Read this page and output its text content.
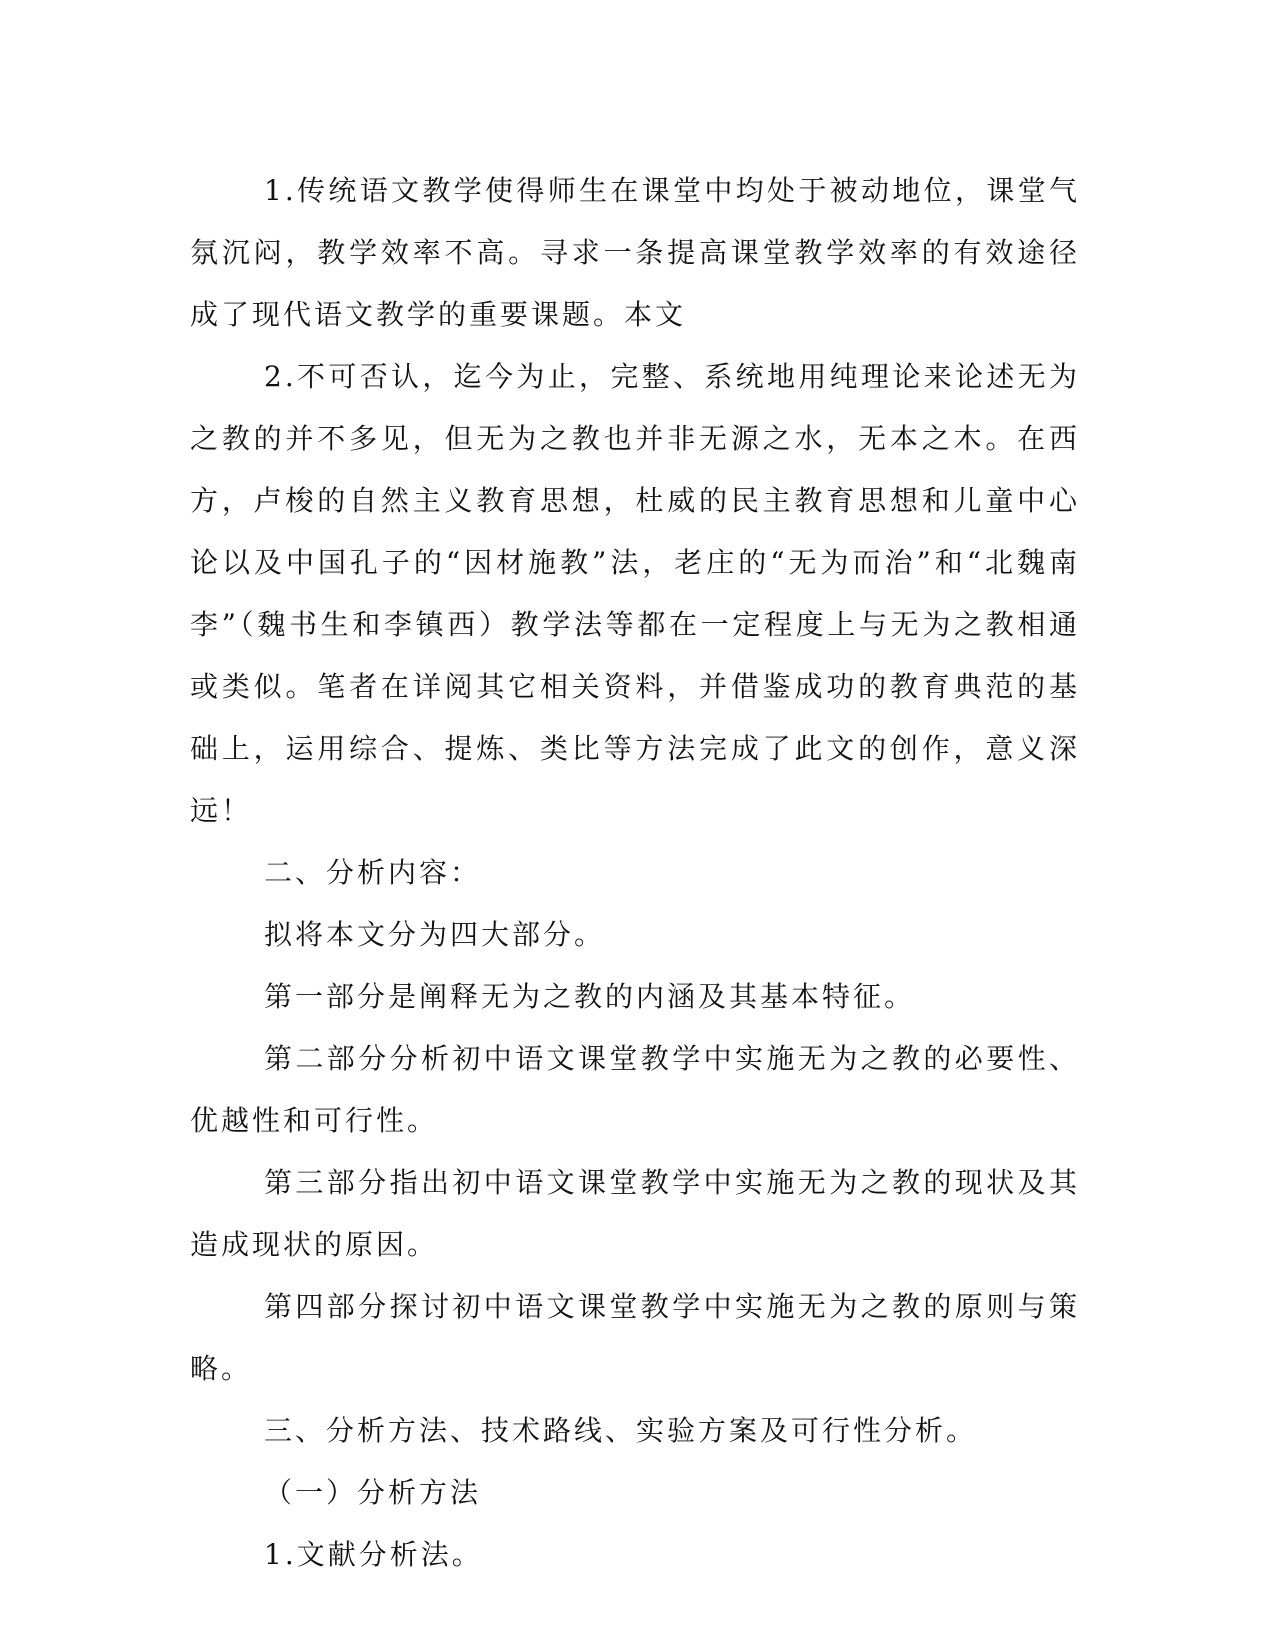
1.传统语文教学使得师生在课堂中均处于被动地位，课堂气氛沉闷，教学效率不高。寻求一条提高课堂教学效率的有效途径成了现代语文教学的重要课题。本文

2.不可否认，迄今为止，完整、系统地用纯理论来论述无为之教的并不多见，但无为之教也并非无源之水，无本之木。在西方，卢梭的自然主义教育思想，杜威的民主教育思想和儿童中心论以及中国孔子的“因材施教”法，老庄的“无为而治”和“北魏南李”（魏书生和李镇西）教学法等都在一定程度上与无为之教相通或类似。笔者在详阅其它相关资料，并借鉴成功的教育典范的基础上，运用综合、提炼、类比等方法完成了此文的创作，意义深远！

二、分析内容：

拟将本文分为四大部分。

第一部分是阐释无为之教的内涵及其基本特征。

第二部分分析初中语文课堂教学中实施无为之教的必要性、优越性和可行性。

第三部分指出初中语文课堂教学中实施无为之教的现状及其造成现状的原因。

第四部分探讨初中语文课堂教学中实施无为之教的原则与策略。

三、分析方法、技术路线、实验方案及可行性分析。

（一）分析方法

1.文献分析法。
